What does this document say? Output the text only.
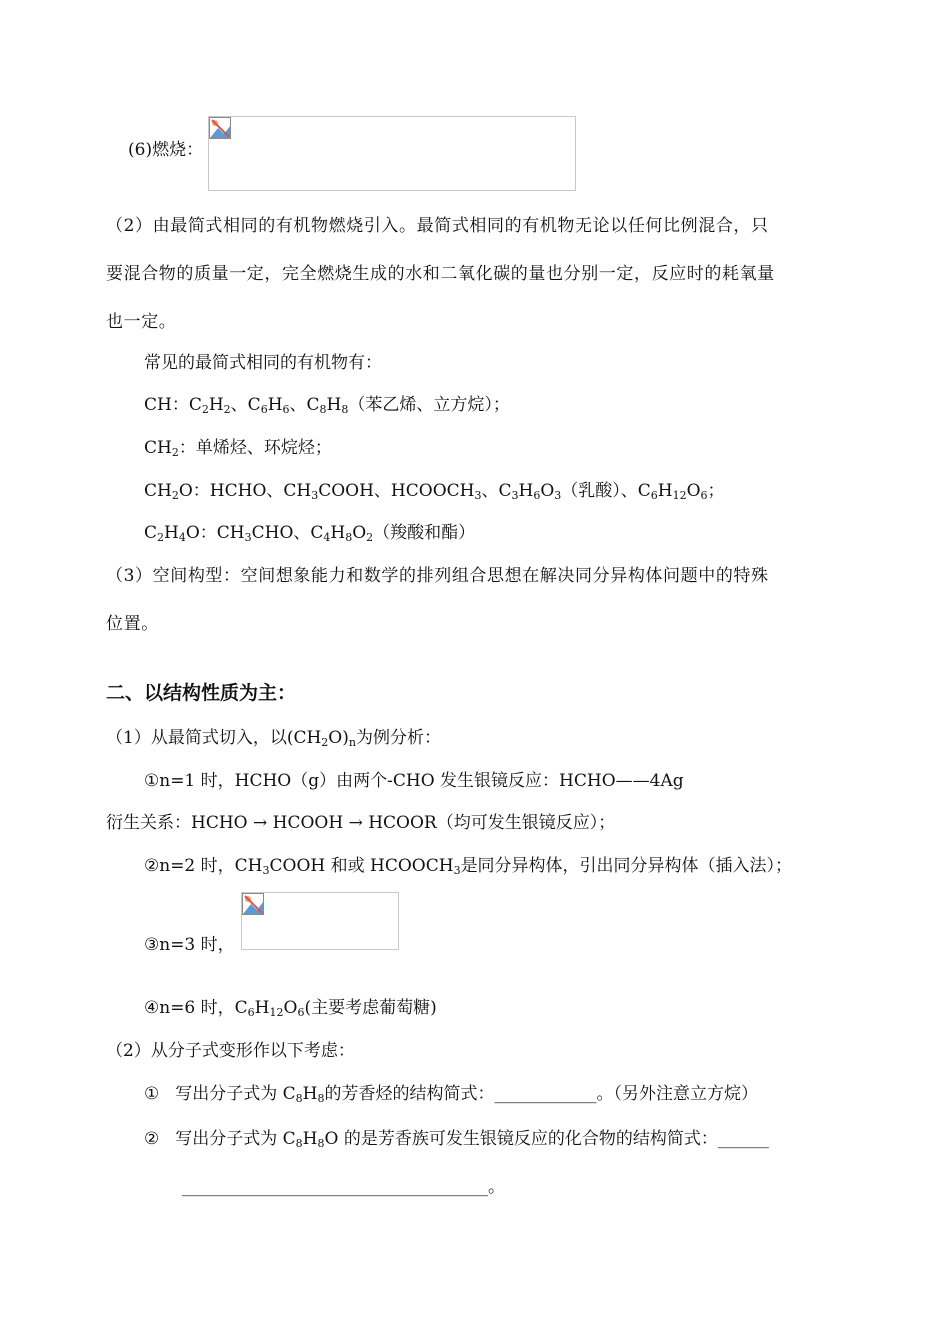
(6)燃烧：
（2）由最简式相同的有机物燃烧引入。最简式相同的有机物无论以任何比例混合，只
要混合物的质量一定，完全燃烧生成的水和二氧化碳的量也分别一定，反应时的耗氧量
也一定。
常见的最简式相同的有机物有：
CH：$C_2H_2$、$C_6H_6$、$C_8H_8$（苯乙烯、立方烷）；
$CH_2$：单烯烃、环烷烃；
$CH_2O$：HCHO、$CH_3COOH$、$HCOOCH_3$、$C_3H_6O_3$（乳酸）、$C_6H_{12}O_6$；
$C_2H_4O$：$CH_3CHO$、$C_4H_8O_2$（羧酸和酯）
（3）空间构型：空间想象能力和数学的排列组合思想在解决同分异构体问题中的特殊
位置。
二、以结构性质为主：
（1）从最简式切入，以$(CH_2O)_n$为例分析：
①n=1 时，HCHO（g）由两个-CHO 发生银镜反应：HCHO——4Ag
衍生关系：HCHO → HCOOH → HCOOR（均可发生银镜反应）；
②n=2 时，$CH_3COOH$ 和或 $HCOOCH_3$是同分异构体，引出同分异构体（插入法）；
③n=3 时，
④n=6 时，$C_6H_{12}O_6$(主要考虑葡萄糖)
（2）从分子式变形作以下考虑：
① 写出分子式为 $C_8H_8$的芳香烃的结构简式：____________。（另外注意立方烷）
② 写出分子式为 $C_8H_8O$ 的是芳香族可发生银镜反应的化合物的结构简式：______
____________________________________。
